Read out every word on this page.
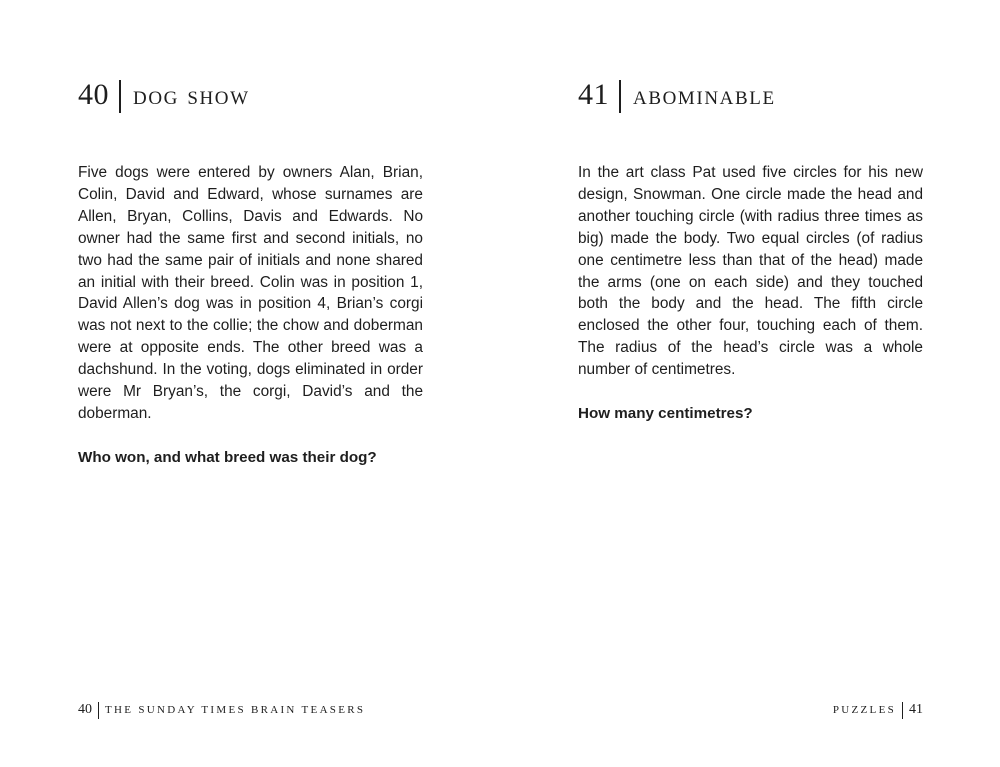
40 dog show
Five dogs were entered by owners Alan, Brian, Colin, David and Edward, whose surnames are Allen, Bryan, Collins, Davis and Edwards. No owner had the same first and second initials, no two had the same pair of initials and none shared an initial with their breed. Colin was in position 1, David Allen’s dog was in position 4, Brian’s corgi was not next to the collie; the chow and doberman were at opposite ends. The other breed was a dachshund. In the voting, dogs eliminated in order were Mr Bryan’s, the corgi, David’s and the doberman.
Who won, and what breed was their dog?
40 THE SUNDAY TIMES BRAIN TEASERS
41 abominable
In the art class Pat used five circles for his new design, Snowman. One circle made the head and another touching circle (with radius three times as big) made the body. Two equal circles (of radius one centimetre less than that of the head) made the arms (one on each side) and they touched both the body and the head. The fifth circle enclosed the other four, touching each of them. The radius of the head’s circle was a whole number of centimetres.
How many centimetres?
PUZZLES 41
